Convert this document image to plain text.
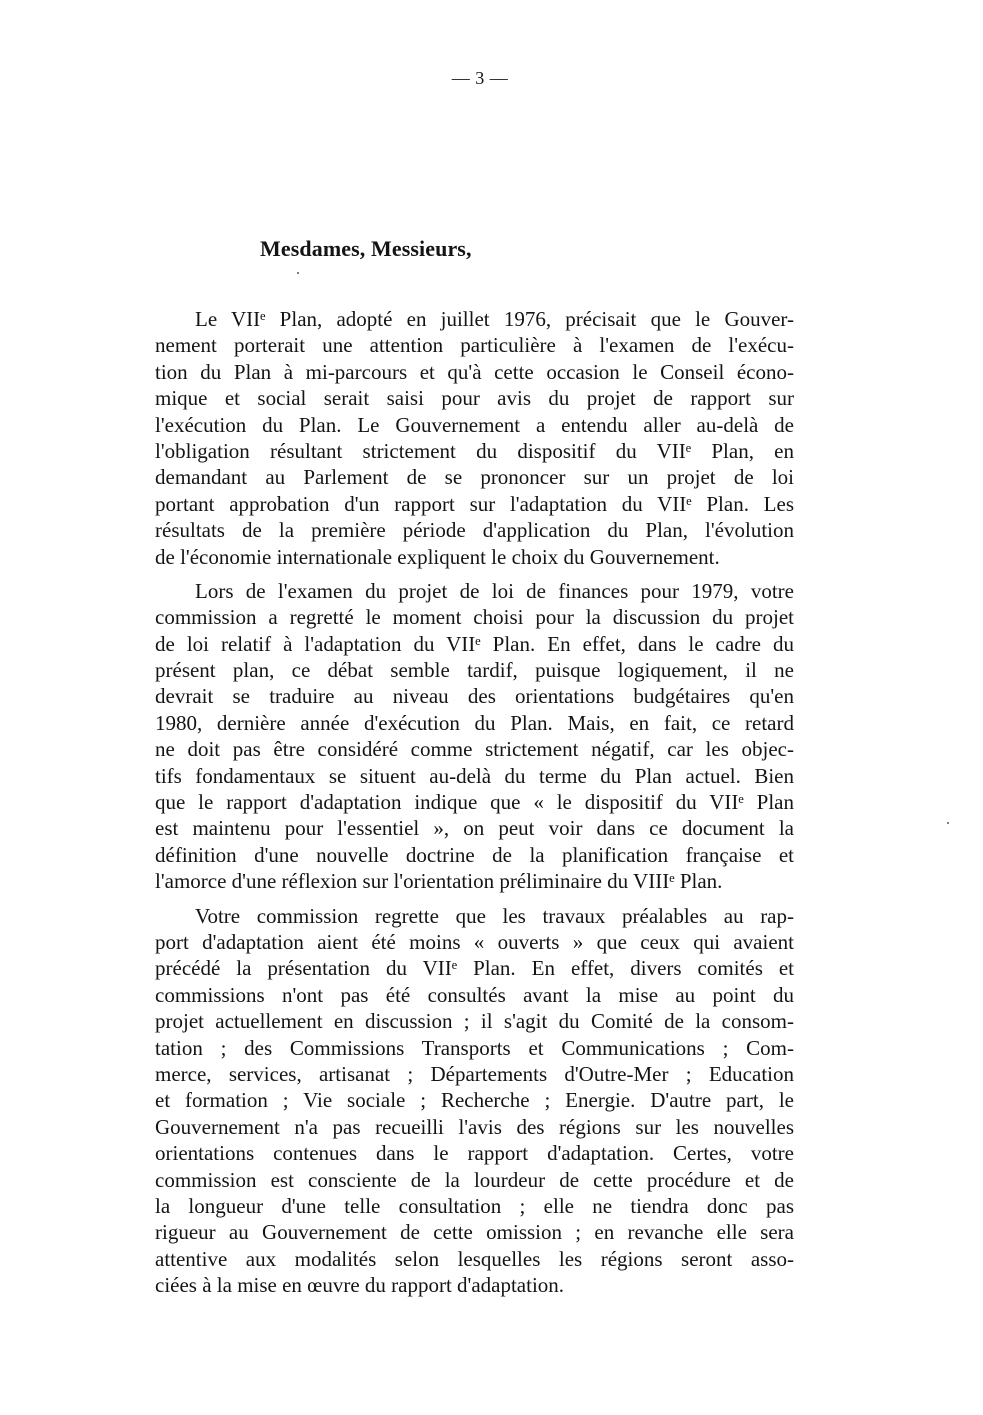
— 3 —
Mesdames, Messieurs,
Le VIIᵉ Plan, adopté en juillet 1976, précisait que le Gouver-
nement porterait une attention particulière à l'examen de l'exécu-
tion du Plan à mi-parcours et qu'à cette occasion le Conseil écono-
mique et social serait saisi pour avis du projet de rapport sur
l'exécution du Plan. Le Gouvernement a entendu aller au-delà de
l'obligation résultant strictement du dispositif du VIIᵉ Plan, en
demandant au Parlement de se prononcer sur un projet de loi
portant approbation d'un rapport sur l'adaptation du VIIᵉ Plan. Les
résultats de la première période d'application du Plan, l'évolution
de l'économie internationale expliquent le choix du Gouvernement.
Lors de l'examen du projet de loi de finances pour 1979, votre
commission a regretté le moment choisi pour la discussion du projet
de loi relatif à l'adaptation du VIIᵉ Plan. En effet, dans le cadre du
présent plan, ce débat semble tardif, puisque logiquement, il ne
devrait se traduire au niveau des orientations budgétaires qu'en
1980, dernière année d'exécution du Plan. Mais, en fait, ce retard
ne doit pas être considéré comme strictement négatif, car les objec-
tifs fondamentaux se situent au-delà du terme du Plan actuel. Bien
que le rapport d'adaptation indique que « le dispositif du VIIᵉ Plan
est maintenu pour l'essentiel », on peut voir dans ce document la
définition d'une nouvelle doctrine de la planification française et
l'amorce d'une réflexion sur l'orientation préliminaire du VIIIᵉ Plan.
Votre commission regrette que les travaux préalables au rap-
port d'adaptation aient été moins « ouverts » que ceux qui avaient
précédé la présentation du VIIᵉ Plan. En effet, divers comités et
commissions n'ont pas été consultés avant la mise au point du
projet actuellement en discussion ; il s'agit du Comité de la consom-
tation ; des Commissions Transports et Communications ; Com-
merce, services, artisanat ; Départements d'Outre-Mer ; Education
et formation ; Vie sociale ; Recherche ; Energie. D'autre part, le
Gouvernement n'a pas recueilli l'avis des régions sur les nouvelles
orientations contenues dans le rapport d'adaptation. Certes, votre
commission est consciente de la lourdeur de cette procédure et de
la longueur d'une telle consultation ; elle ne tiendra donc pas
rigueur au Gouvernement de cette omission ; en revanche elle sera
attentive aux modalités selon lesquelles les régions seront asso-
ciées à la mise en œuvre du rapport d'adaptation.
